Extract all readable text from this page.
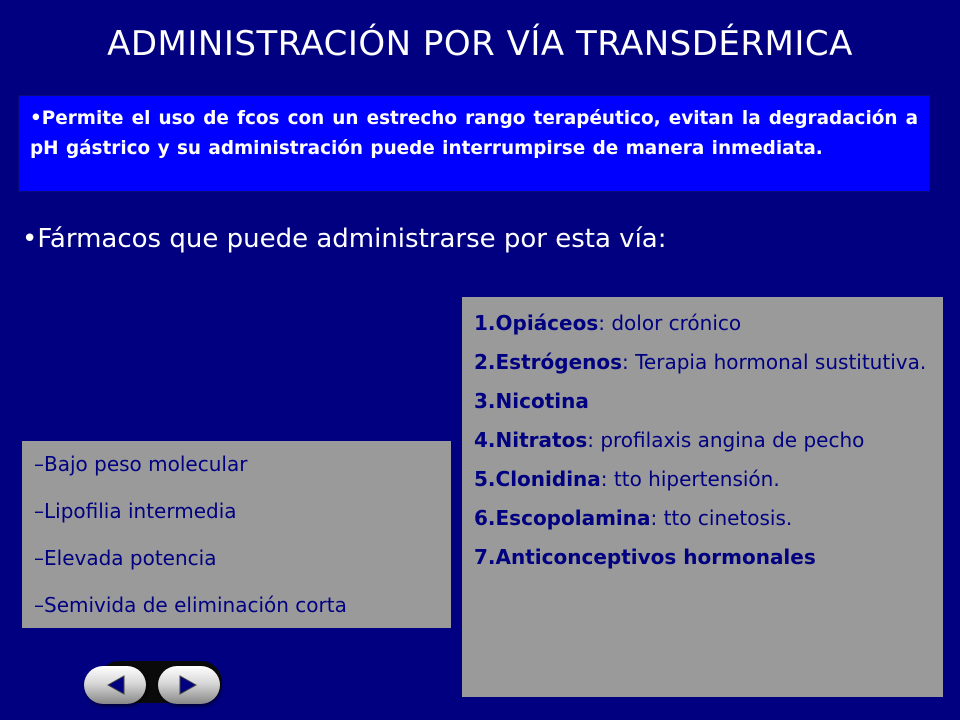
ADMINISTRACIÓN POR VÍA TRANSDÉRMICA

•Permite el uso de fcos con un estrecho rango terapéutico, evitan la degradación a pH gástrico y su administración puede interrumpirse de manera inmediata.

•Fármacos que puede administrarse por esta vía:
–Bajo peso molecular
–Lipofilia intermedia
–Elevada potencia
–Semivida de eliminación corta
1.Opiáceos: dolor crónico
2.Estrógenos: Terapia hormonal sustitutiva.
3.Nicotina
4.Nitratos: profilaxis angina de pecho
5.Clonidina: tto hipertensión.
6.Escopolamina: tto cinetosis.
7.Anticonceptivos hormonales
